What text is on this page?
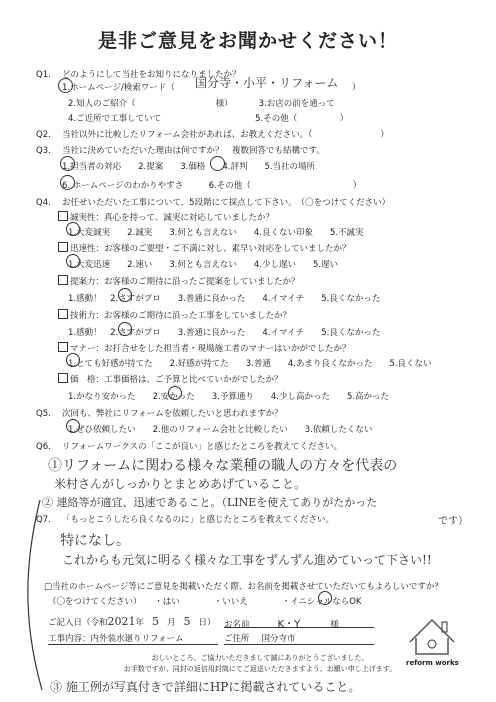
是非ご意見をお聞かせください！
Q1. どのようにして当社をお知りになりましたか？
1.ホームページ/検索ワード（ 国分寺・小平・リフォーム ）
2.知人のご紹介（	様）	3.お店の前を通って
4.ご近所で工事していて	5.その他（　　　　　）
Q2. 当社以外に比較したリフォーム会社があれば、お教えください。（　　　　　　　　）
Q3. 当社に決めていただいた理由は何ですか？　複数回答でも結構です。
1.担当者の対応　　2.提案　　3.価格　　4.評判　　5.当社の場所
6. ホームページのわかりやすさ　　　6.その他（　　　　　　　　　　　　）
Q4. お任せいただいた工事について、5段階にて採点して下さい。　（〇をつけてください）
誠実性：真心を持って、誠実に対応していましたか？
1.大変誠実　　2.誠実　　3.何とも言えない　　4.良くない印象　　5.不誠実
迅速性：お客様のご要望・ご不満に対し、素早い対応をしていましたか？
1.大変迅速　　2.速い　　3.何とも言えない　　4.少し遅い　　5.遅い
提案力：お客様のご期待に沿ったご提案をしていましたか？
1.感動！　2.さすがプロ　　3.普通に良かった　　4.イマイチ　　5.良くなかった
技術力：お客様のご期待に沿った工事をしていましたか？
1.感動！　2.さすがプロ　　3.普通に良かった　　4.イマイチ　　5.良くなかった
マナー：お打合せをした担当者・現場施工者のマナーはいかがでしたか？
1.とても好感が持てた　　2.好感が持てた　　3.普通　　4.あまり良くなかった　　5.良くない
価　格：工事価格は、ご予算と比べていかがでしたか？
1.かなり安かった　　2.安かった　　3.予算通り　　4.少し高かった　　5.高かった
Q5. 次回も、弊社にリフォームを依頼したいと思われますか？
1.ぜひ依頼したい　　2.他のリフォーム会社と比較したい　　3.依頼したくない
Q6. リフォームワークスの「ここが良い」と感じたところを教えてください。
①リフォームに関わる様々な業種の職人の方々を代表の
米村さんがしっかりとまとめあげていること。
② 連絡等が適宜、迅速であること。（LINEを使えてありがたかった
です）
Q7. 「もっとこうしたら良くなるのに」と感じたところを教えてください。
特になし。
これからも元気に明るく様々な工事をずんずん進めていって下さい!!
□当社のホームページ等にご意見を掲載いただく際、お名前を掲載させていただいてもよろしいですか？
（〇をつけてください）　　・はい　　　　・いいえ　　　　・イニシャルならOK
ご記入日（令和2021年 5 月 5 日） お名前	K・Y	様
工事内容：内外装水廻りリフォーム	ご住所 国分寺市
reform works
おしいところ、ご協力いただきまして誠にありがとうございました。
お手数ですが、同封の返信用封筒にてご返送いただきますよう、お願い申し上げます。
③ 施工例が写真付きで詳細にHPに掲載されていること。
